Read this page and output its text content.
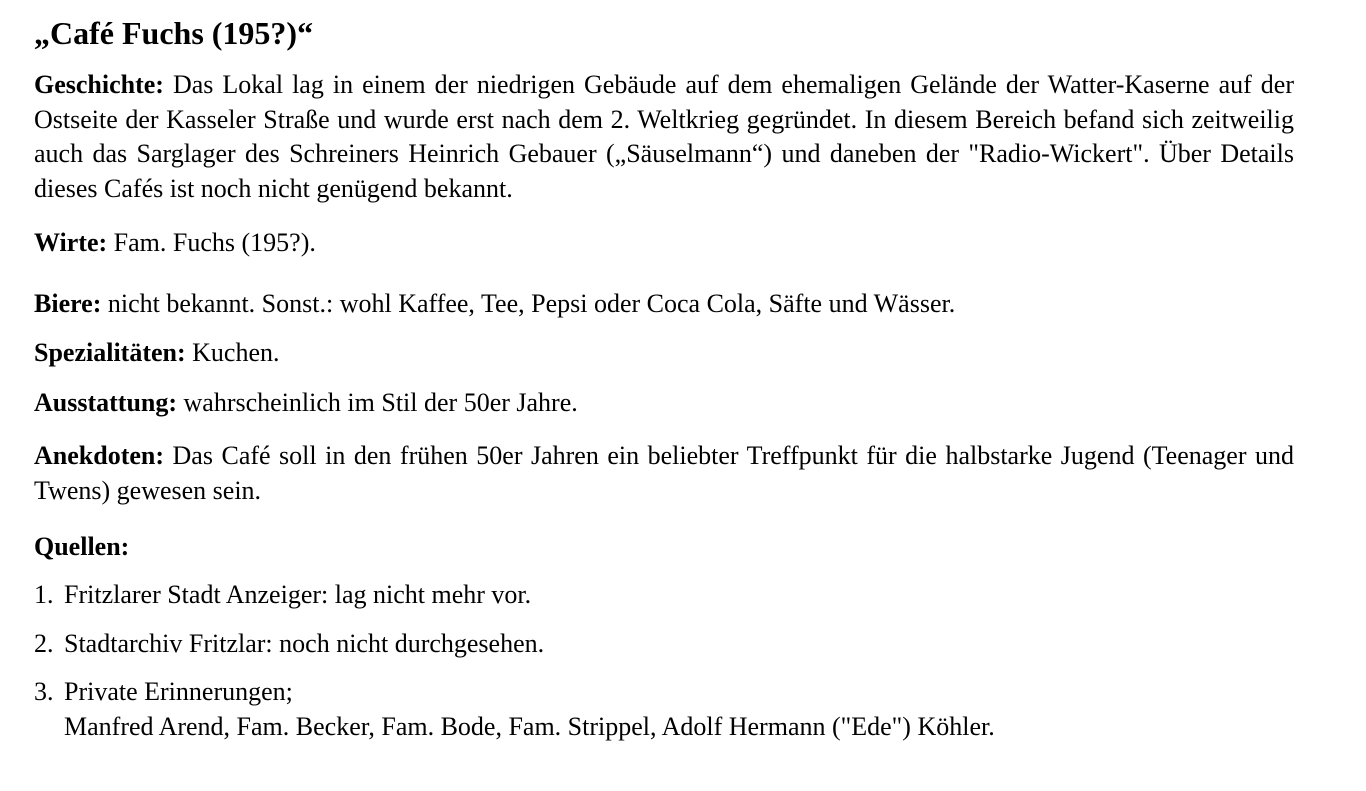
„Café Fuchs (195?)“

Geschichte: Das Lokal lag in einem der niedrigen Gebäude auf dem ehemaligen Gelände der Watter-Kaserne auf der Ostseite der Kasseler Straße und wurde erst nach dem 2. Weltkrieg gegründet. In diesem Bereich befand sich zeitweilig auch das Sarglager des Schreiners Heinrich Gebauer („Säuselmann“) und daneben der "Radio-Wickert". Über Details dieses Cafés ist noch nicht genügend bekannt.

Wirte: Fam. Fuchs (195?).

Biere: nicht bekannt. Sonst.: wohl Kaffee, Tee, Pepsi oder Coca Cola, Säfte und Wässer.

Spezialitäten: Kuchen.

Ausstattung: wahrscheinlich im Stil der 50er Jahre.

Anekdoten: Das Café soll in den frühen 50er Jahren ein beliebter Treffpunkt für die halbstarke Jugend (Teenager und Twens) gewesen sein.

Quellen:

1. Fritzlarer Stadt Anzeiger: lag nicht mehr vor.
2. Stadtarchiv Fritzlar: noch nicht durchgesehen.
3. Private Erinnerungen;
Manfred Arend, Fam. Becker, Fam. Bode, Fam. Strippel, Adolf Hermann ("Ede") Köhler.
